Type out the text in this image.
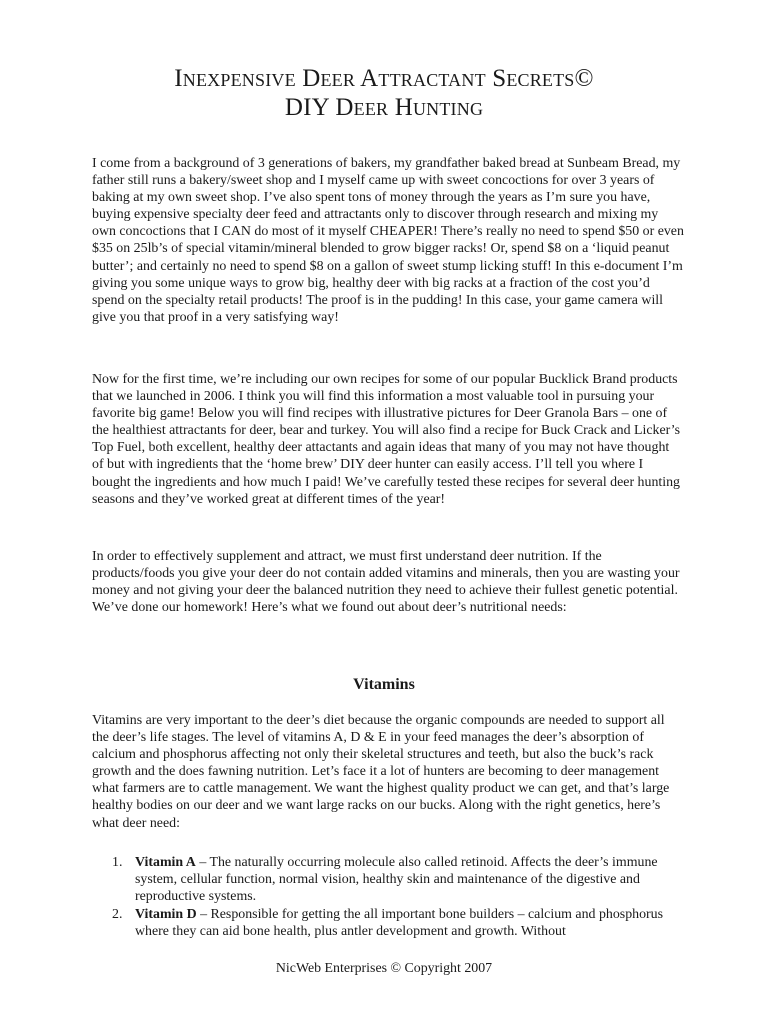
Inexpensive Deer Attractant Secrets©
DIY Deer Hunting

I come from a background of 3 generations of bakers, my grandfather baked bread at Sunbeam Bread, my father still runs a bakery/sweet shop and I myself came up with sweet concoctions for over 3 years of baking at my own sweet shop. I’ve also spent tons of money through the years as I’m sure you have, buying expensive specialty deer feed and attractants only to discover through research and mixing my own concoctions that I CAN do most of it myself CHEAPER! There’s really no need to spend $50 or even $35 on 25lb’s of special vitamin/mineral blended to grow bigger racks! Or, spend $8 on a ‘liquid peanut butter’; and certainly no need to spend $8 on a gallon of sweet stump licking stuff! In this e-document I’m giving you some unique ways to grow big, healthy deer with big racks at a fraction of the cost you’d spend on the specialty retail products! The proof is in the pudding! In this case, your game camera will give you that proof in a very satisfying way!

Now for the first time, we’re including our own recipes for some of our popular Bucklick Brand products that we launched in 2006. I think you will find this information a most valuable tool in pursuing your favorite big game! Below you will find recipes with illustrative pictures for Deer Granola Bars – one of the healthiest attractants for deer, bear and turkey. You will also find a recipe for Buck Crack and Licker’s Top Fuel, both excellent, healthy deer attactants and again ideas that many of you may not have thought of but with ingredients that the ‘home brew’ DIY deer hunter can easily access. I’ll tell you where I bought the ingredients and how much I paid! We’ve carefully tested these recipes for several deer hunting seasons and they’ve worked great at different times of the year!

In order to effectively supplement and attract, we must first understand deer nutrition. If the products/foods you give your deer do not contain added vitamins and minerals, then you are wasting your money and not giving your deer the balanced nutrition they need to achieve their fullest genetic potential. We’ve done our homework! Here’s what we found out about deer’s nutritional needs:

Vitamins

Vitamins are very important to the deer’s diet because the organic compounds are needed to support all the deer’s life stages. The level of vitamins A, D & E in your feed manages the deer’s absorption of calcium and phosphorus affecting not only their skeletal structures and teeth, but also the buck’s rack growth and the does fawning nutrition. Let’s face it a lot of hunters are becoming to deer management what farmers are to cattle management. We want the highest quality product we can get, and that’s large healthy bodies on our deer and we want large racks on our bucks. Along with the right genetics, here’s what deer need:

1. Vitamin A – The naturally occurring molecule also called retinoid. Affects the deer’s immune system, cellular function, normal vision, healthy skin and maintenance of the digestive and reproductive systems.
2. Vitamin D – Responsible for getting the all important bone builders – calcium and phosphorus where they can aid bone health, plus antler development and growth. Without

NicWeb Enterprises © Copyright 2007
